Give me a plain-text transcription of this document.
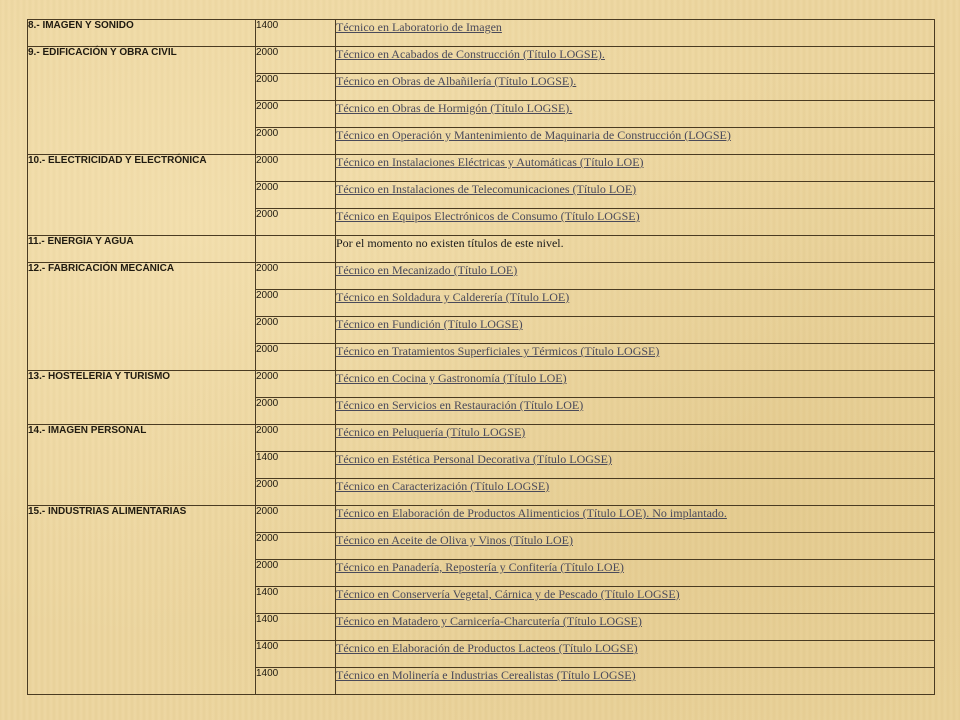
8.- IMAGEN Y SONIDO	1400	Técnico en Laboratorio de Imagen
9.- EDIFICACIÓN Y OBRA CIVIL	2000	Técnico en Acabados de Construcción (Título LOGSE).
	2000	Técnico en Obras de Albañilería (Título LOGSE).
	2000	Técnico en Obras de Hormigón (Título LOGSE).
	2000	Técnico en Operación y Mantenimiento de Maquinaria de Construcción (LOGSE)
10.- ELECTRICIDAD Y ELECTRÓNICA	2000	Técnico en Instalaciones Eléctricas y Automáticas (Título LOE)
	2000	Técnico en Instalaciones de Telecomunicaciones (Título LOE)
	2000	Técnico en Equipos Electrónicos de Consumo (Título LOGSE)
11.- ENERGÍA Y AGUA		Por el momento no existen títulos de este nivel.
12.- FABRICACIÓN MECÁNICA	2000	Técnico en Mecanizado (Título LOE)
	2000	Técnico en Soldadura y Calderería (Título LOE)
	2000	Técnico en Fundición (Título LOGSE)
	2000	Técnico en Tratamientos Superficiales y Térmicos (Título LOGSE)
13.- HOSTELERÍA Y TURISMO	2000	Técnico en Cocina y Gastronomía (Título LOE)
	2000	Técnico en Servicios en Restauración (Título LOE)
14.- IMAGEN PERSONAL	2000	Técnico en Peluquería (Título LOGSE)
	1400	Técnico en Estética Personal Decorativa (Título LOGSE)
	2000	Técnico en Caracterización (Título LOGSE)
15.- INDUSTRIAS ALIMENTARIAS	2000	Técnico en Elaboración de Productos Alimenticios (Título LOE). No implantado.
	2000	Técnico en Aceite de Oliva y Vinos (Título LOE)
	2000	Técnico en Panadería, Repostería y Confitería (Título LOE)
	1400	Técnico en Conservería Vegetal, Cárnica y de Pescado (Título LOGSE)
	1400	Técnico en Matadero y Carnicería-Charcutería (Título LOGSE)
	1400	Técnico en Elaboración de Productos Lacteos (Título LOGSE)
	1400	Técnico en Molinería e Industrias Cerealistas (Título LOGSE)
